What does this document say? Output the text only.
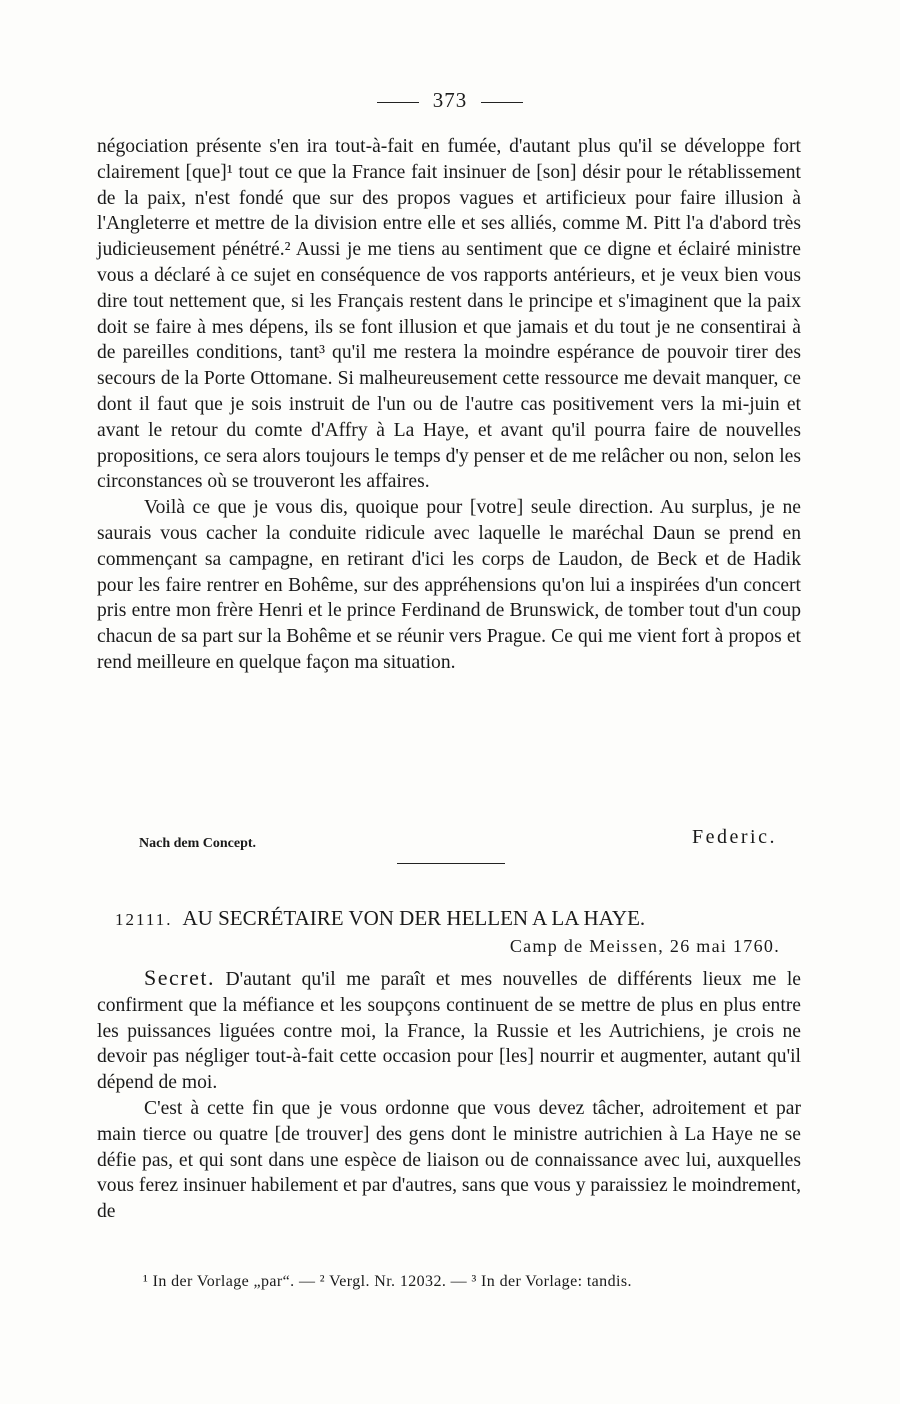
373

négociation présente s'en ira tout-à-fait en fumée, d'autant plus qu'il se développe fort clairement [que]¹ tout ce que la France fait insinuer de [son] désir pour le rétablissement de la paix, n'est fondé que sur des propos vagues et artificieux pour faire illusion à l'Angleterre et mettre de la division entre elle et ses alliés, comme M. Pitt l'a d'abord très judicieusement pénétré.² Aussi je me tiens au sentiment que ce digne et éclairé ministre vous a déclaré à ce sujet en conséquence de vos rapports antérieurs, et je veux bien vous dire tout nettement que, si les Français restent dans le principe et s'imaginent que la paix doit se faire à mes dépens, ils se font illusion et que jamais et du tout je ne consentirai à de pareilles conditions, tant³ qu'il me restera la moindre espérance de pouvoir tirer des secours de la Porte Ottomane. Si malheureusement cette ressource me devait manquer, ce dont il faut que je sois instruit de l'un ou de l'autre cas positivement vers la mi-juin et avant le retour du comte d'Affry à La Haye, et avant qu'il pourra faire de nouvelles propositions, ce sera alors toujours le temps d'y penser et de me relâcher ou non, selon les circonstances où se trouveront les affaires.

Voilà ce que je vous dis, quoique pour [votre] seule direction. Au surplus, je ne saurais vous cacher la conduite ridicule avec laquelle le maréchal Daun se prend en commençant sa campagne, en retirant d'ici les corps de Laudon, de Beck et de Hadik pour les faire rentrer en Bohême, sur des appréhensions qu'on lui a inspirées d'un concert pris entre mon frère Henri et le prince Ferdinand de Brunswick, de tomber tout d'un coup chacun de sa part sur la Bohême et se réunir vers Prague. Ce qui me vient fort à propos et rend meilleure en quelque façon ma situation.

Nach dem Concept.	Federic.
12111. AU SECRÉTAIRE VON DER HELLEN A LA HAYE.
Camp de Meissen, 26 mai 1760.

Secret. D'autant qu'il me paraît et mes nouvelles de différents lieux me le confirment que la méfiance et les soupçons continuent de se mettre de plus en plus entre les puissances liguées contre moi, la France, la Russie et les Autrichiens, je crois ne devoir pas négliger tout-à-fait cette occasion pour [les] nourrir et augmenter, autant qu'il dépend de moi.

C'est à cette fin que je vous ordonne que vous devez tâcher, adroitement et par main tierce ou quatre [de trouver] des gens dont le ministre autrichien à La Haye ne se défie pas, et qui sont dans une espèce de liaison ou de connaissance avec lui, auxquelles vous ferez insinuer habilement et par d'autres, sans que vous y paraissiez le moindrement, de

¹ In der Vorlage „par“. — ² Vergl. Nr. 12032. — ³ In der Vorlage: tandis.
